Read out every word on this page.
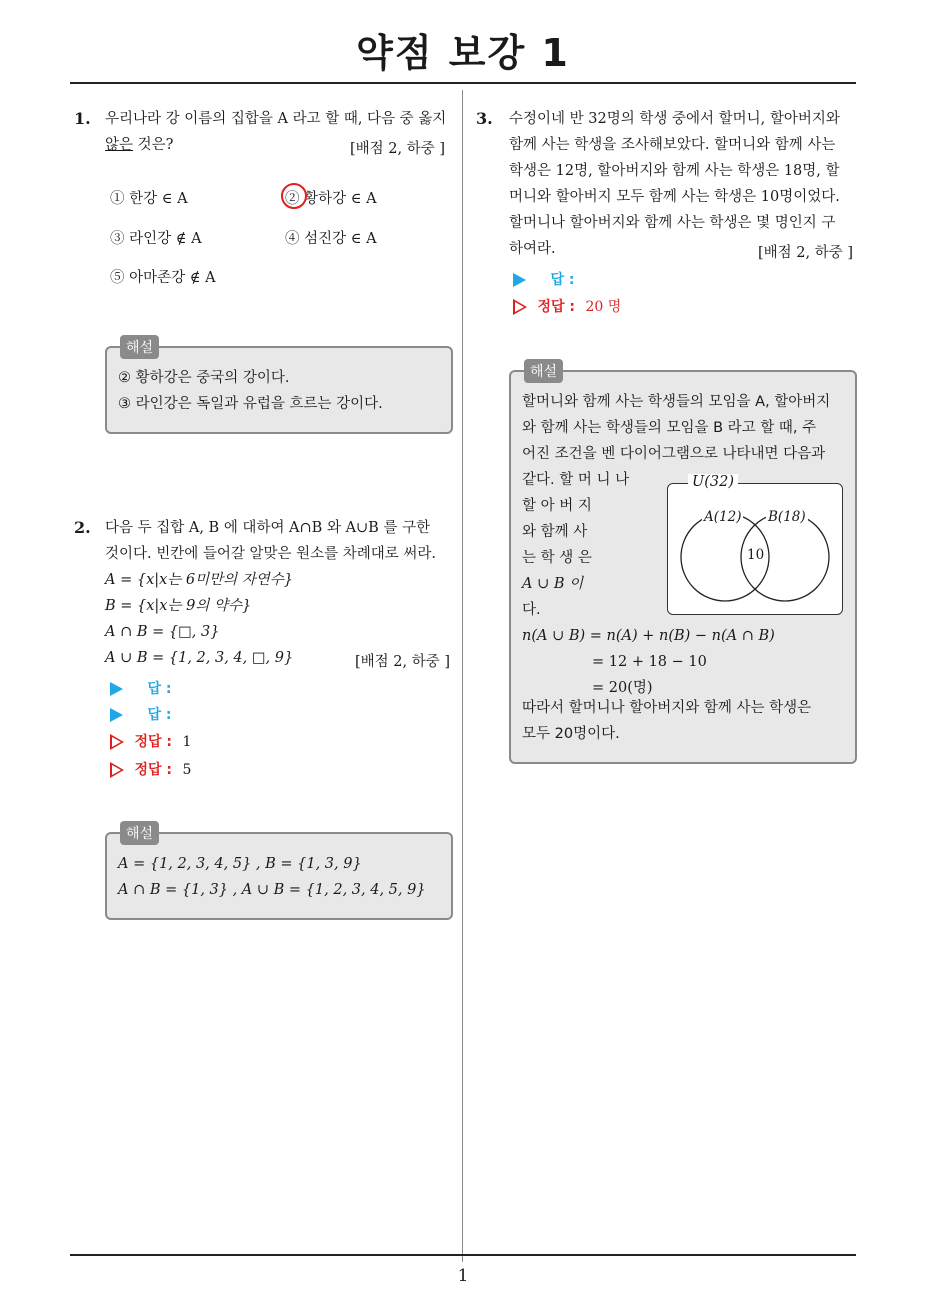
약점 보강 1
1. 우리나라 강 이름의 집합을 A 라고 할 때, 다음 중 옳지
않은 것은?	[배점 2, 하중 ]
① 한강 ∈ A	② 황하강 ∈ A
③ 라인강 ∉ A	④ 섬진강 ∈ A
⑤ 아마존강 ∉ A
해설
② 황하강은 중국의 강이다.
③ 라인강은 독일과 유럽을 흐르는 강이다.
2. 다음 두 집합 A, B 에 대하여 A∩B 와 A∪B 를 구한
것이다. 빈칸에 들어갈 알맞은 원소를 차례대로 써라.
A = {x|x는 6미만의 자연수}
B = {x|x는 9의 약수}
A ∩ B = {□, 3}
A ∪ B = {1, 2, 3, 4, □, 9}	[배점 2, 하중 ]
답 :
답 :
정답 : 1
정답 : 5
해설
A = {1, 2, 3, 4, 5} , B = {1, 3, 9}
A ∩ B = {1, 3} , A ∪ B = {1, 2, 3, 4, 5, 9}
3. 수정이네 반 32명의 학생 중에서 할머니, 할아버지와
함께 사는 학생을 조사해보았다. 할머니와 함께 사는
학생은 12명, 할아버지와 함께 사는 학생은 18명, 할
머니와 할아버지 모두 함께 사는 학생은 10명이었다.
할머니나 할아버지와 함께 사는 학생은 몇 명인지 구
하여라.	[배점 2, 하중 ]
답 :
정답 : 20 명
해설
할머니와 함께 사는 학생들의 모임을 A, 할아버지
와 함께 사는 학생들의 모임을 B 라고 할 때, 주
어진 조건을 벤 다이어그램으로 나타내면 다음과
같다. 할 머 니 나
할 아 버 지
와 함께 사
는 학 생 은
A ∪ B 이
다.
U(32)
A(12) B(18)
10
n(A ∪ B) = n(A) + n(B) − n(A ∩ B)
= 12 + 18 − 10
= 20(명)
따라서 할머니나 할아버지와 함께 사는 학생은
모두 20명이다.
1
